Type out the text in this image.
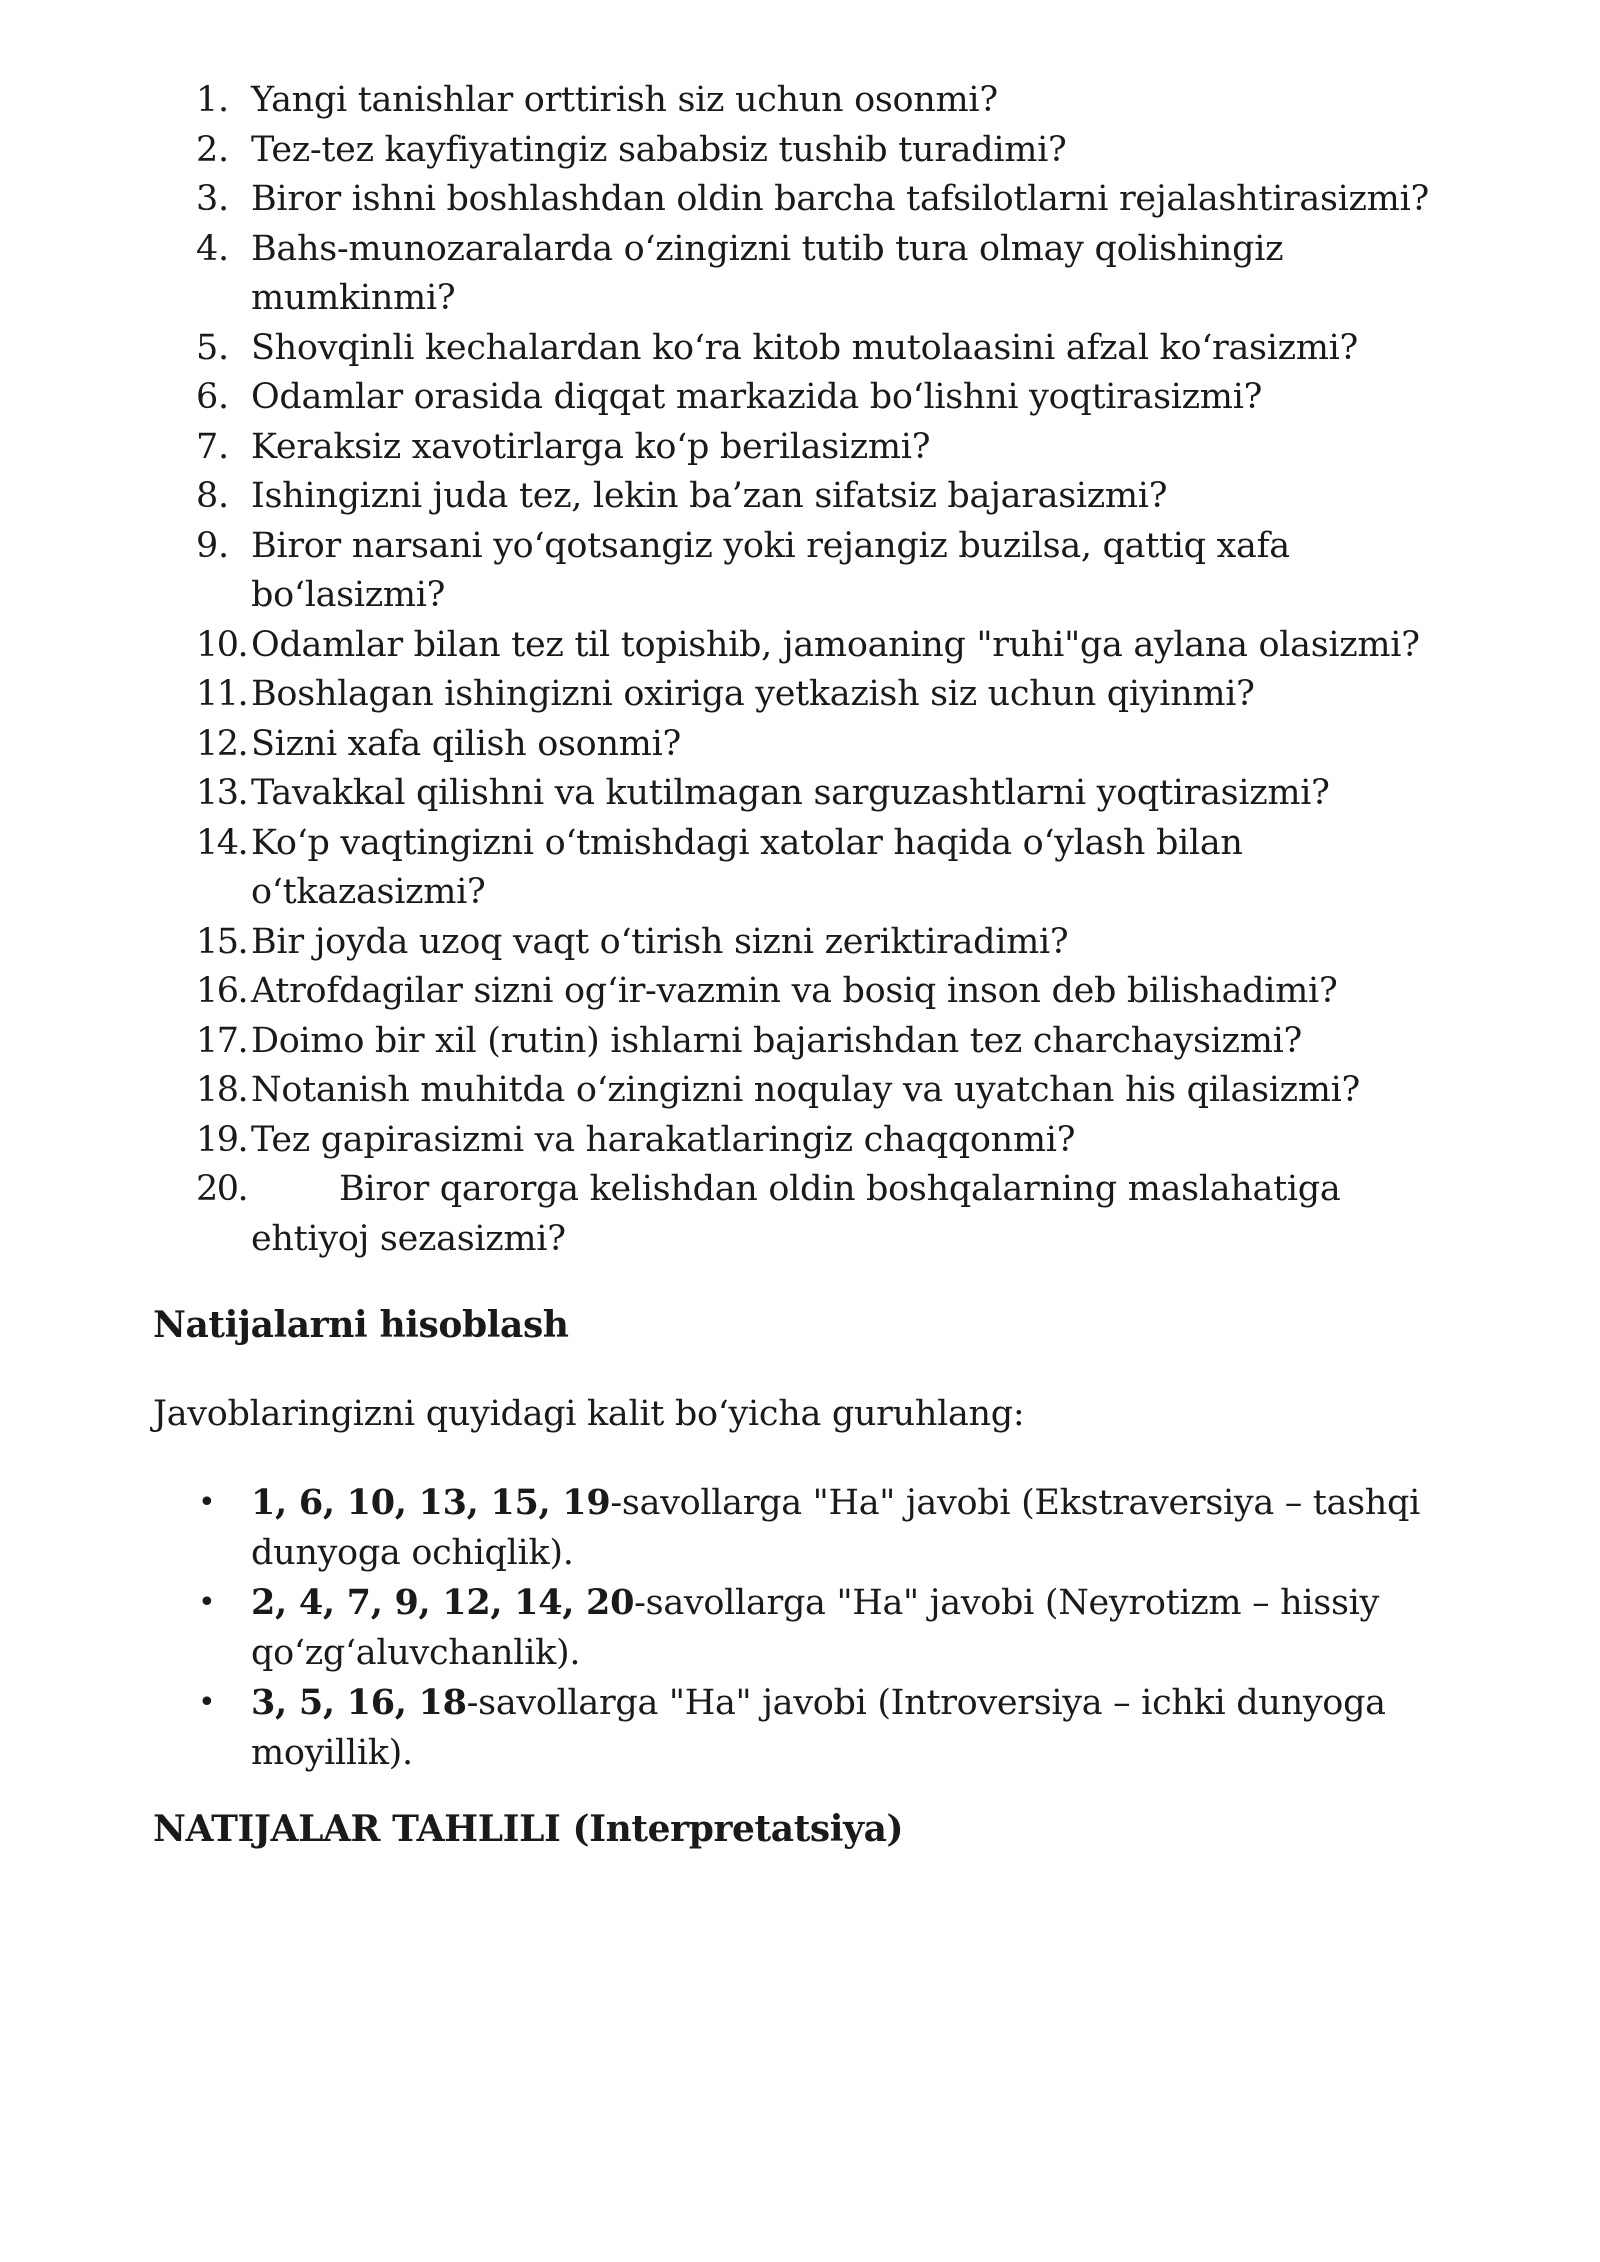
1. Yangi tanishlar orttirish siz uchun osonmi?
2. Tez-tez kayfiyatingiz sababsiz tushib turadimi?
3. Biror ishni boshlashdan oldin barcha tafsilotlarni rejalashtirasizmi?
4. Bahs-munozaralarda o‘zingizni tutib tura olmay qolishingiz
mumkinmi?
5. Shovqinli kechalardan ko‘ra kitob mutolaasini afzal ko‘rasizmi?
6. Odamlar orasida diqqat markazida bo‘lishni yoqtirasizmi?
7. Keraksiz xavotirlarga ko‘p berilasizmi?
8. Ishingizni juda tez, lekin ba’zan sifatsiz bajarasizmi?
9. Biror narsani yo‘qotsangiz yoki rejangiz buzilsa, qattiq xafa
bo‘lasizmi?
10. Odamlar bilan tez til topishib, jamoaning "ruhi"ga aylana olasizmi?
11. Boshlagan ishingizni oxiriga yetkazish siz uchun qiyinmi?
12. Sizni xafa qilish osonmi?
13. Tavakkal qilishni va kutilmagan sarguzashtlarni yoqtirasizmi?
14. Ko‘p vaqtingizni o‘tmishdagi xatolar haqida o‘ylash bilan
o‘tkazasizmi?
15. Bir joyda uzoq vaqt o‘tirish sizni zeriktiradimi?
16. Atrofdagilar sizni og‘ir-vazmin va bosiq inson deb bilishadimi?
17. Doimo bir xil (rutin) ishlarni bajarishdan tez charchaysizmi?
18. Notanish muhitda o‘zingizni noqulay va uyatchan his qilasizmi?
19. Tez gapirasizmi va harakatlaringiz chaqqonmi?
20.	Biror qarorga kelishdan oldin boshqalarning maslahatiga
ehtiyoj sezasizmi?
Natijalarni hisoblash
Javoblaringizni quyidagi kalit bo‘yicha guruhlang:
• 1, 6, 10, 13, 15, 19-savollarga "Ha" javobi (Ekstraversiya – tashqi
dunyoga ochiqlik).
• 2, 4, 7, 9, 12, 14, 20-savollarga "Ha" javobi (Neyrotizm – hissiy
qo‘zg‘aluvchanlik).
• 3, 5, 16, 18-savollarga "Ha" javobi (Introversiya – ichki dunyoga
moyillik).
NATIJALAR TAHLILI (Interpretatsiya)
